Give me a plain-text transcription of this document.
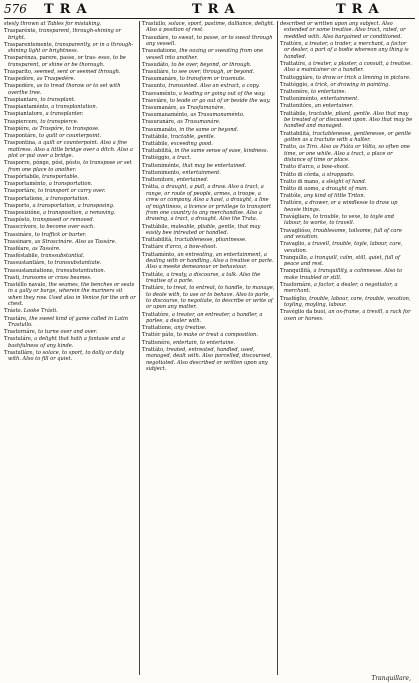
576 TRA	TRA	TRA

stesly thrown at Tables for mistaking.

Trasparénte, transparent, through-shining or bright.

Trasparentemente, transparently, or in a through-shining light or brightness.

Trasparénza, parere, passe, or tras- esso, to be transparent, or shine or be thorough.

Trasparito, seemed, sent or seemed through.

Traspedóre, as Traspedére.

Traspedére, as to tread thorow or to set with overthe tree.

Traspiantare, to transplant.

Traspiantaménto, a transplantation.

Traspiantatore, a transplanter.

Traspiercere, to transpierce.

Traspiére, as Traspóre, to transpose.

Traspontáre, to quilt or counterpoint.

Traspontina, a quilt or counterpoint. Also a fine mattress. Also a little bridge over a ditch. Also a plot or put over a bridge.

Trasporre, pónge, pósi, pósto, to transpose or set from one place to another.

Traspórtabile, transportable.

Trasportaménto, a transportation.

Trasportáre, to transport or carry over.

Trasportatione, a transportation.

Trasporto, a transportation, a transposing.

Trasposizióne, a transposition, a removing.

Traspósto, transposed or removed.

Trasscrívere, to become over each.

Trassináre, to traffick or barter.

Trassinare, as Strascináre. Also as Tassáre.

Trasféare, as Tassáre.

Trasféstabile, transsubstantial.

Trassustantiáre, to transsubstantiate.

Trassustanziatione, transubstantiation.

Trasti, transoms or cross beames.

Trastéllo navale, the seames, the benches or seats in a gally or barge, wherein the mariners sit when they row. Used also in Venice for the orb or chest.

Trásto. Looke Trásti.

Trastáre, the sweet kind of game called in Latin Trastullo.

Trastornáre, to turne over and over.

Trastuláre, a delight that hath a fantasie and a bashfulness of any kinde.

Trastulláre, to solace, to sport, to dally or daly with. Also to fill or quiet.

Trastúllo, solace, sport, pastime, dalliance, delight. Also a position of rest.

Trasudáre, to sweat, to passe, or to sweat through any vessell.

Trasudatione, the oozing or sweating from one vessell into another.

Trasudáto, to be over, beyond, or through.

Trasuliáre, to see over, through, or beyond.

Trasumanáre, to transform or trasmute.

Trasunto, transunted. Also an extract, a copy.

Trasvaménto, a leading or going out of the way.

Trasviáre, to leade or go out of or beside the way.

Trasumanáre, as Trasfumanáre.

Trasumanaménto, as Trasumanaménto.

Trasuranáre, as Trasumanáre.

Trasumanáto, in the same or beyond.

Trattábile, tractable, gentle.

Trattábile, exceeding good.

Trattabilità, in the same sense of ease, kindness.

Trattéggio, a tract.

Tratteniménte, that may be entertained.

Trattenimento, entertainment.

Trattenitore, entertained.

Trátta, a draught, a pull, a draw. Also a tract, a range, or route of people, armes, a troope, a crew or company. Also a hawl, a draught, a line of mightiness, a licence or privilege to transport from one country to any merchandise. Also a drawing, a tract, a draught. Also the Trata.

Trattábile, maleable, pliable, gentle, that may easily bee intreated or handled.

Trattabilità, tractablenesse, pliantnesse.

Trattáre d'arco, a bow-shoot.

Trattaménto, an entreating, an entertainment, a dealing with or handling. Also a treatise or parle. Also a meeke demeanour or behaviour.

Trattáte, a treaty, a discourse, a talk. Also the treatise of a parle.

Trattáre, to treat, to entreat, to handle, to manage, to deale with, to use or to behave. Also to parle, to discourse, to negotiate, to describe or write of or upon any matter.

Trattatóre, a treater, an entreater, a handler, a parlee, a dealer with.

Trattatíone, any treatise.

Trattér páto, to make or treat a composition.

Trattenére, entertain, to entertaine.

Trattáto, treated, entreated, handled, used, managed, dealt with. Also parcelled, discoursed, negotiated. Also described or written upon any subject.

described or written upon any subject. Also extended or some treatise. Also tract, rated, or meddled with. Also bargained or conditioned.

Trattóre, a treater, a trader, a merchant, a factor or dealer, a part of a bodie whereon any thing is handled.

Trattatíre, a treater, a plaster, a consult, a treatise. Also a maintainer or a handler.

Tratteggiáre, to draw or trick a limning in picture.

Trattéggio, a trick, or drawing in painting.

Trattenére, to entertaine.

Tratteniménto, entertainment.

Trattenitóre, an entertainer.

Trattábile, tractable, pliant, gentle. Also that may be treated of or discussed upon. Also that may be handled and managed.

Trattabilità, tractablenesse, gentlenesse, or gentle gotten as a tractute with a halter.

Tratto, as Tiro. Also as Fiáta or Vólta, so often one time, or one while. Also a tract, a place or distance of time or place.

Tratto d'arco, a bow-shoot.

Trátto di córda, a strappado.

Tratto di mano, a sleight of hand.

Trátto di uomo, a draught of man.

Trattóle, any kind of little Triton.

Trattóre, a drawer, or a windlesse to draw up heavie things.

Travágliare, to trouble, to vexe, to toyle and labour, to worke, to travell.

Travaglióso, troublesome, toilsome, full of care and vexation.

Travaglio, a travell, trouble, toyle, labour, care, vexation.

Tranquíllo, a tranquill, calm, still, quiet, full of peace and rest.

Tranquillità, a tranquillity, a calmnesse. Also to make troubled or still.

Trasfornáre, a factor, a dealer, a negotiator, a merchant.

Trasféglio, trouble, labour, care, trouble, vexation, toyling, moyling, labour.

Travéglio da buoi, an ox-frame, a trevill, a rack for oxen or horses.

Tranquillare,
